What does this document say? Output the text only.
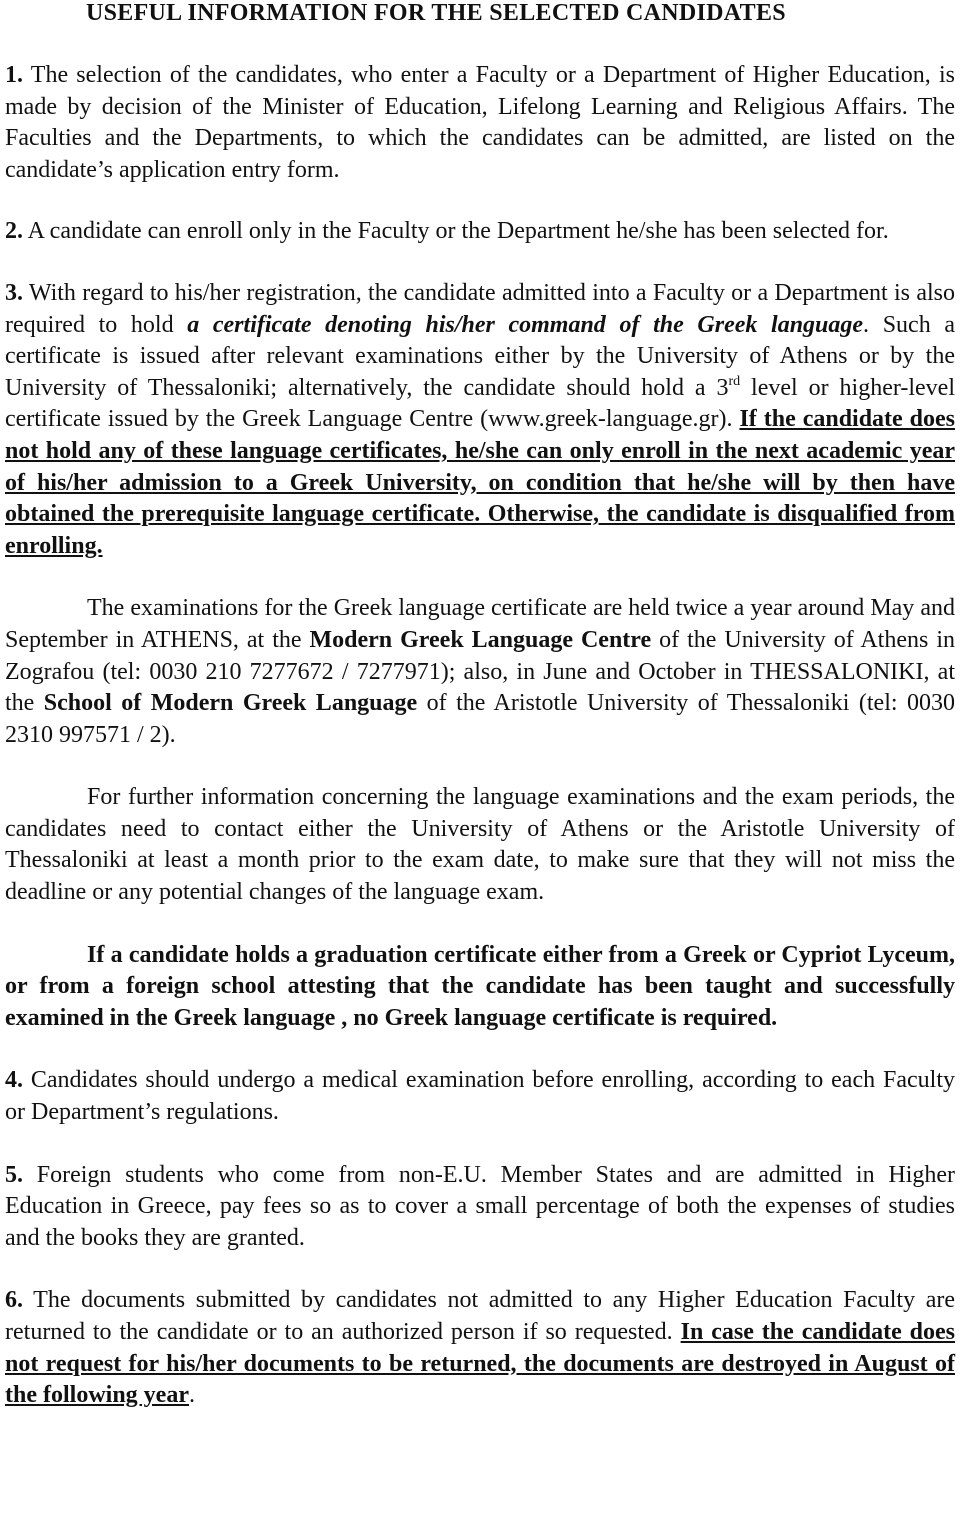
USEFUL INFORMATION FOR THE SELECTED CANDIDATES

1. The selection of the candidates, who enter a Faculty or a Department of Higher Education, is made by decision of the Minister of Education, Lifelong Learning and Religious Affairs. The Faculties and the Departments, to which the candidates can be admitted, are listed on the candidate’s application entry form.

2. A candidate can enroll only in the Faculty or the Department he/she has been selected for.

3. With regard to his/her registration, the candidate admitted into a Faculty or a Department is also required to hold a certificate denoting his/her command of the Greek language. Such a certificate is issued after relevant examinations either by the University of Athens or by the University of Thessaloniki; alternatively, the candidate should hold a 3rd level or higher-level certificate issued by the Greek Language Centre (www.greek-language.gr). If the candidate does not hold any of these language certificates, he/she can only enroll in the next academic year of his/her admission to a Greek University, on condition that he/she will by then have obtained the prerequisite language certificate. Otherwise, the candidate is disqualified from enrolling.

The examinations for the Greek language certificate are held twice a year around May and September in ATHENS, at the Modern Greek Language Centre of the University of Athens in Zografou (tel: 0030 210 7277672 / 7277971); also, in June and October in THESSALONIKI, at the School of Modern Greek Language of the Aristotle University of Thessaloniki (tel: 0030 2310 997571 / 2).

For further information concerning the language examinations and the exam periods, the candidates need to contact either the University of Athens or the Aristotle University of Thessaloniki at least a month prior to the exam date, to make sure that they will not miss the deadline or any potential changes of the language exam.

If a candidate holds a graduation certificate either from a Greek or Cypriot Lyceum, or from a foreign school attesting that the candidate has been taught and successfully examined in the Greek language , no Greek language certificate is required.

4. Candidates should undergo a medical examination before enrolling, according to each Faculty or Department’s regulations.

5. Foreign students who come from non-E.U. Member States and are admitted in Higher Education in Greece, pay fees so as to cover a small percentage of both the expenses of studies and the books they are granted.

6. The documents submitted by candidates not admitted to any Higher Education Faculty are returned to the candidate or to an authorized person if so requested. In case the candidate does not request for his/her documents to be returned, the documents are destroyed in August of the following year.
